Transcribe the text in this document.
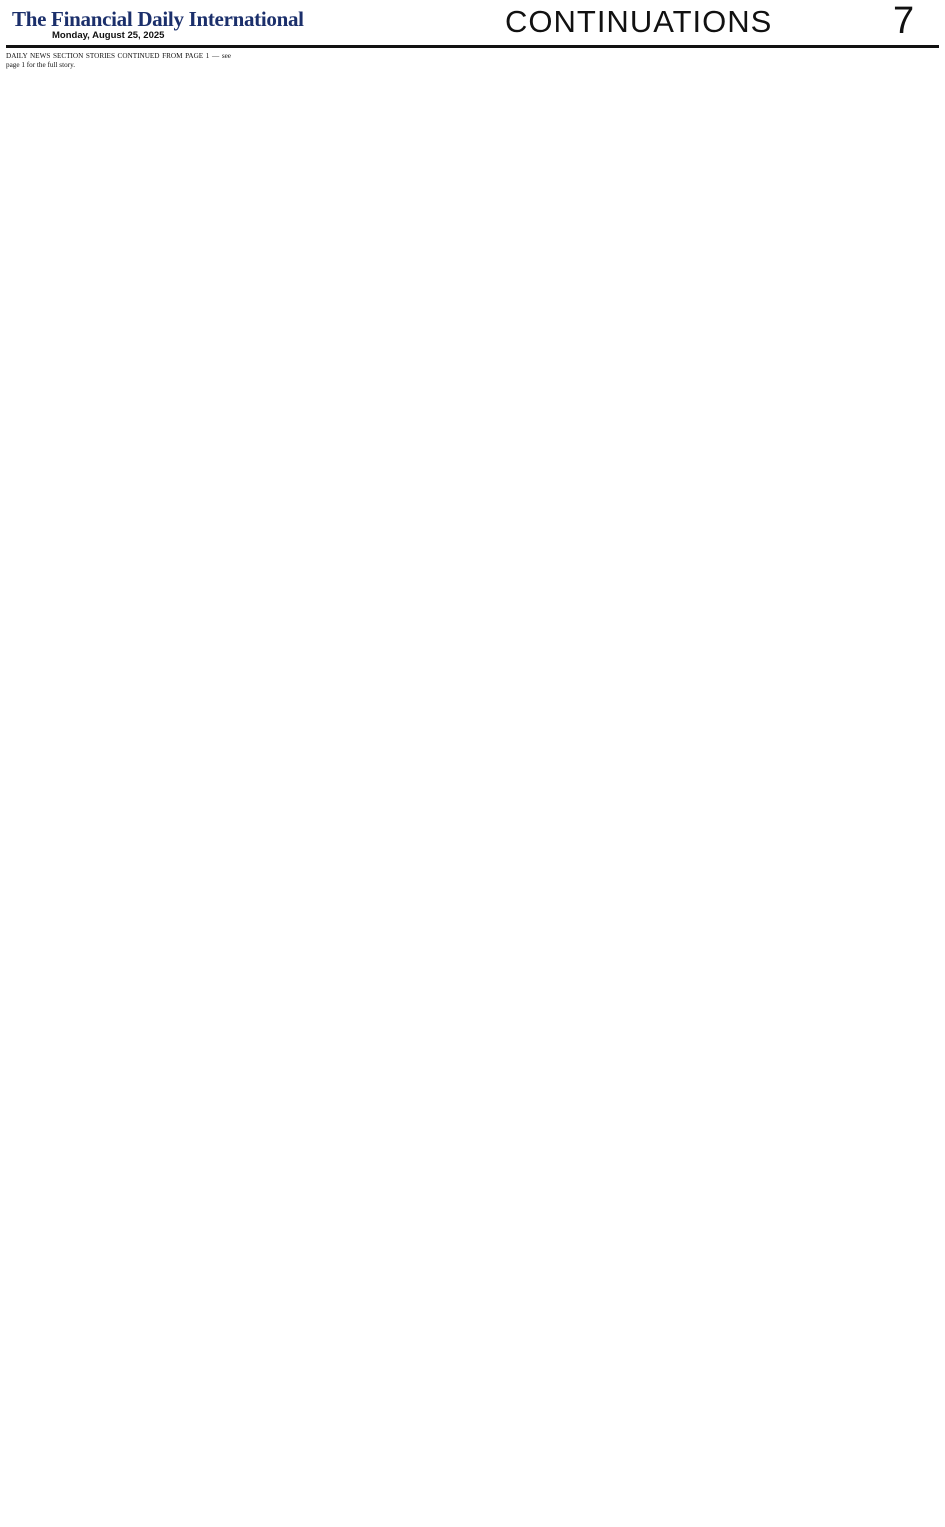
The Financial Daily International
Monday, August 25, 2025	CONTINUATIONS	7

DAILY NEWS SECTION STORIES CONTINUED FROM PAGE 1 — see page 1 for the full story.
